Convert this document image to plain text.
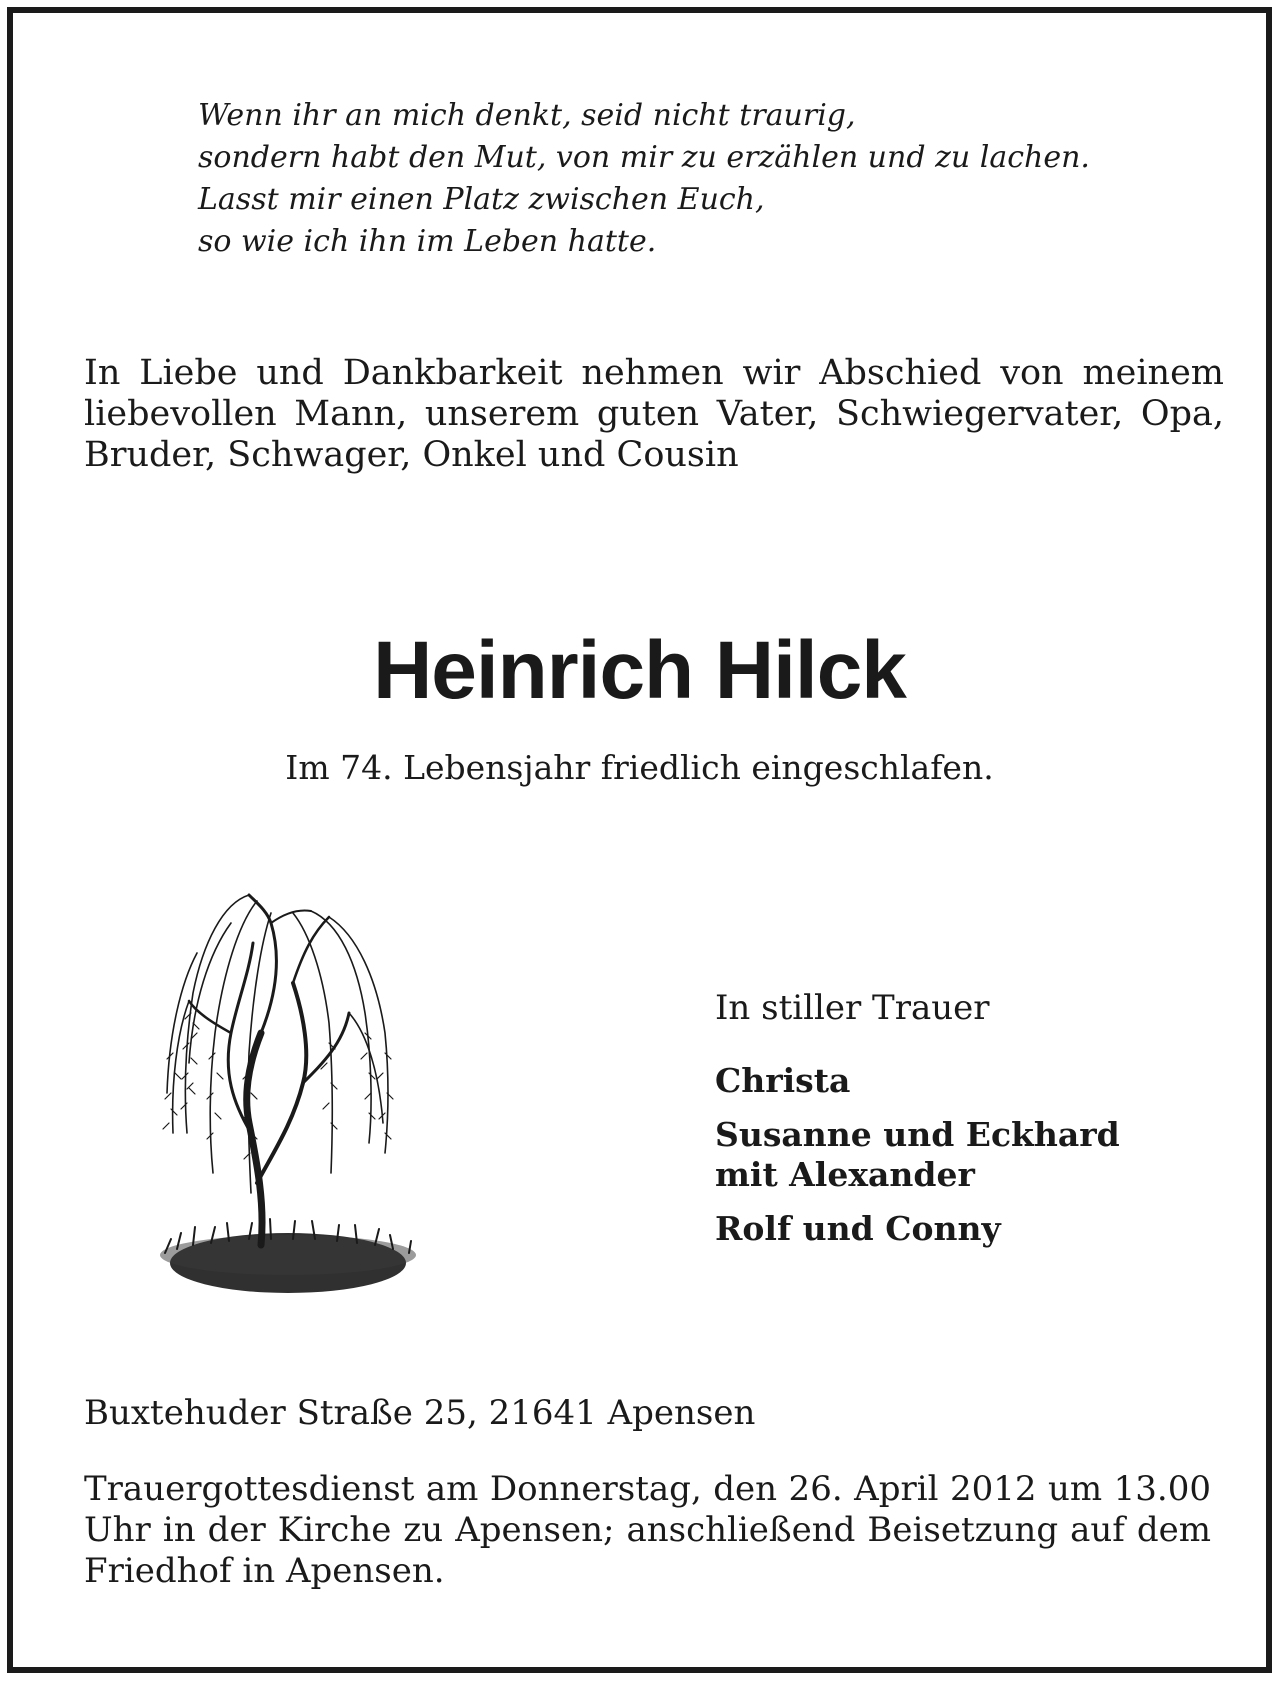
Wenn ihr an mich denkt, seid nicht traurig,
sondern habt den Mut, von mir zu erzählen und zu lachen.
Lasst mir einen Platz zwischen Euch,
so wie ich ihn im Leben hatte.
In Liebe und Dankbarkeit nehmen wir Abschied von meinem liebevollen Mann, unserem guten Vater, Schwiegervater, Opa, Bruder, Schwager, Onkel und Cousin
Heinrich Hilck
Im 74. Lebensjahr friedlich eingeschlafen.
In stiller Trauer
Christa
Susanne und Eckhard
mit Alexander
Rolf und Conny
Buxtehuder Straße 25, 21641 Apensen
Trauergottesdienst am Donnerstag, den 26. April 2012 um 13.00 Uhr in der Kirche zu Apensen; anschließend Beisetzung auf dem Friedhof in Apensen.
